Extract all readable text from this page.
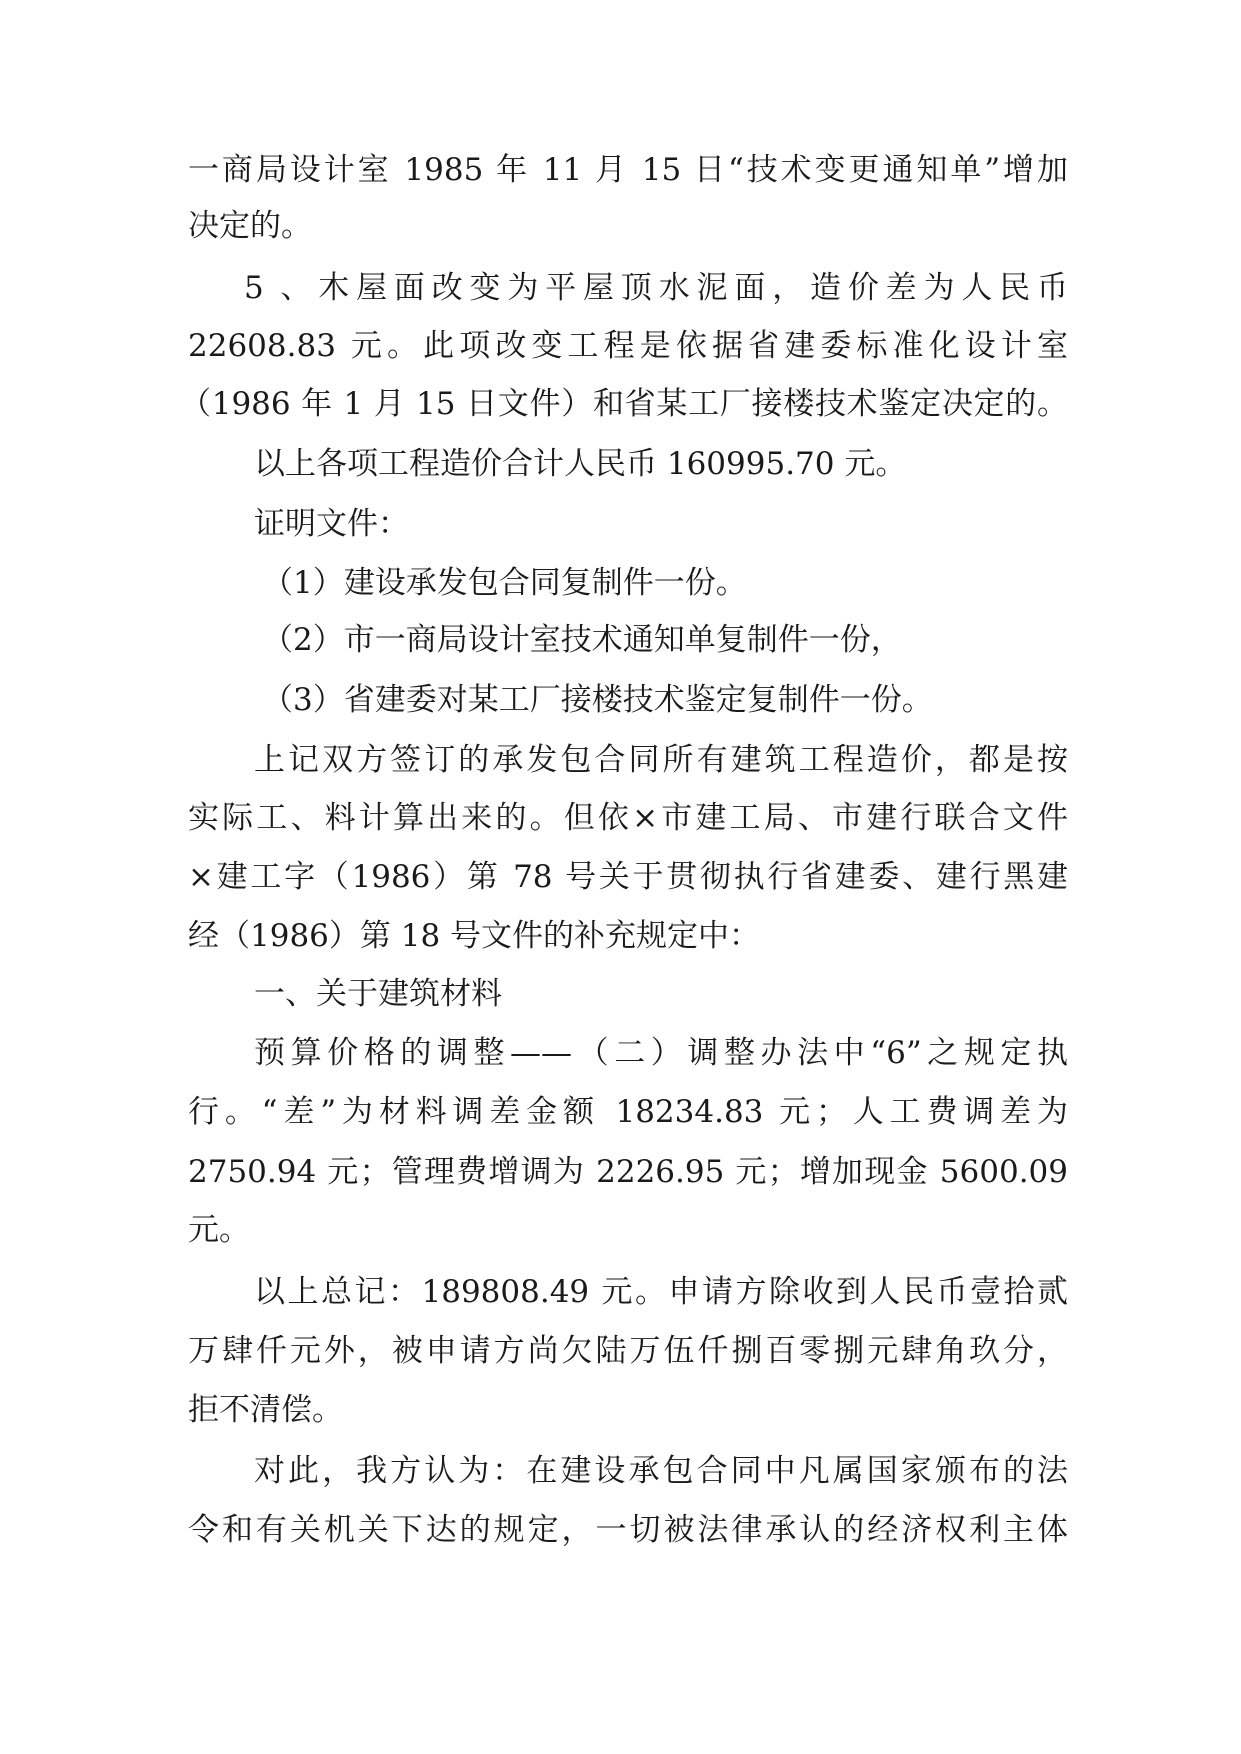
一商局设计室 1985 年 11 月 15 日“技术变更通知单”增加
决定的。
5 、木屋面改变为平屋顶水泥面，造价差为人民币
22608.83 元。此项改变工程是依据省建委标准化设计室
（1986 年 1 月 15 日文件）和省某工厂接楼技术鉴定决定的。
以上各项工程造价合计人民币 160995.70 元。
证明文件：
（1）建设承发包合同复制件一份。
（2）市一商局设计室技术通知单复制件一份，
（3）省建委对某工厂接楼技术鉴定复制件一份。
上记双方签订的承发包合同所有建筑工程造价，都是按
实际工、料计算出来的。但依×市建工局、市建行联合文件
×建工字（1986）第 78 号关于贯彻执行省建委、建行黑建
经（1986）第 18 号文件的补充规定中：
一、关于建筑材料
预算价格的调整——（二）调整办法中“6”之规定执
行。“差”为材料调差金额 18234.83 元；人工费调差为
2750.94 元；管理费增调为 2226.95 元；增加现金 5600.09
元。
以上总记：189808.49 元。申请方除收到人民币壹拾贰
万肆仟元外，被申请方尚欠陆万伍仟捌百零捌元肆角玖分，
拒不清偿。
对此，我方认为：在建设承包合同中凡属国家颁布的法
令和有关机关下达的规定，一切被法律承认的经济权利主体
